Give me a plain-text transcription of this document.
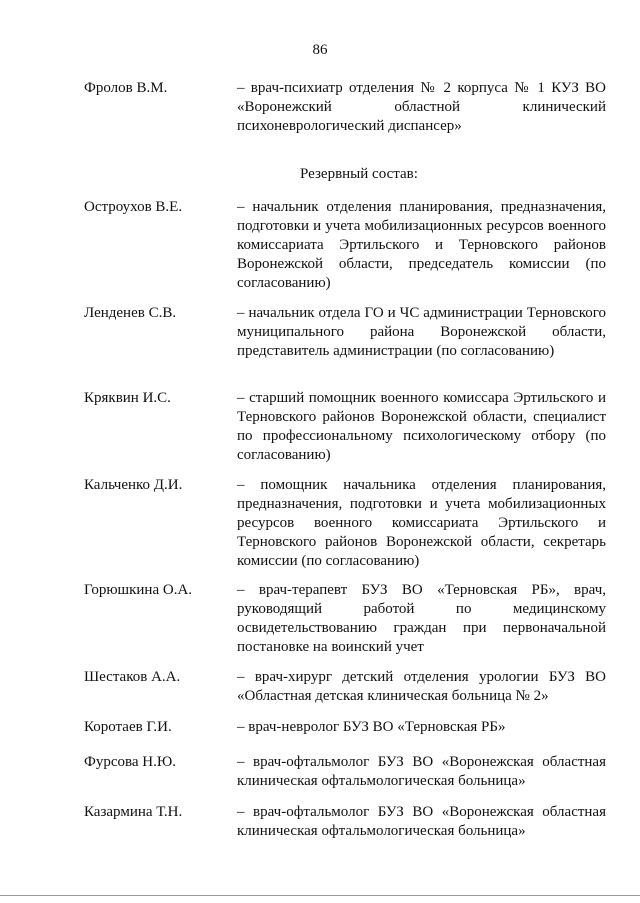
86
Фролов В.М.	– врач-психиатр отделения № 2 корпуса № 1 КУЗ ВО «Воронежский областной клинический психоневрологический диспансер»
Резервный состав:
Остроухов В.Е.	– начальник отделения планирования, предназначения, подготовки и учета мобилизационных ресурсов военного комиссариата Эртильского и Терновского районов Воронежской области, председатель комиссии (по согласованию)
Ленденев С.В.	– начальник отдела ГО и ЧС администрации Терновского муниципального района Воронежской области, представитель администрации (по согласованию)
Кряквин И.С.	– старший помощник военного комиссара Эртильского и Терновского районов Воронежской области, специалист по профессиональному психологическому отбору (по согласованию)
Кальченко Д.И.	– помощник начальника отделения планирования, предназначения, подготовки и учета мобилизационных ресурсов военного комиссариата Эртильского и Терновского районов Воронежской области, секретарь комиссии (по согласованию)
Горюшкина О.А.	– врач-терапевт БУЗ ВО «Терновская РБ», врач, руководящий работой по медицинскому освидетельствованию граждан при первоначальной постановке на воинский учет
Шестаков А.А.	– врач-хирург детский отделения урологии БУЗ ВО «Областная детская клиническая больница № 2»
Коротаев Г.И.	– врач-невролог БУЗ ВО «Терновская РБ»
Фурсова Н.Ю.	– врач-офтальмолог БУЗ ВО «Воронежская областная клиническая офтальмологическая больница»
Казармина Т.Н.	– врач-офтальмолог БУЗ ВО «Воронежская областная клиническая офтальмологическая больница»
